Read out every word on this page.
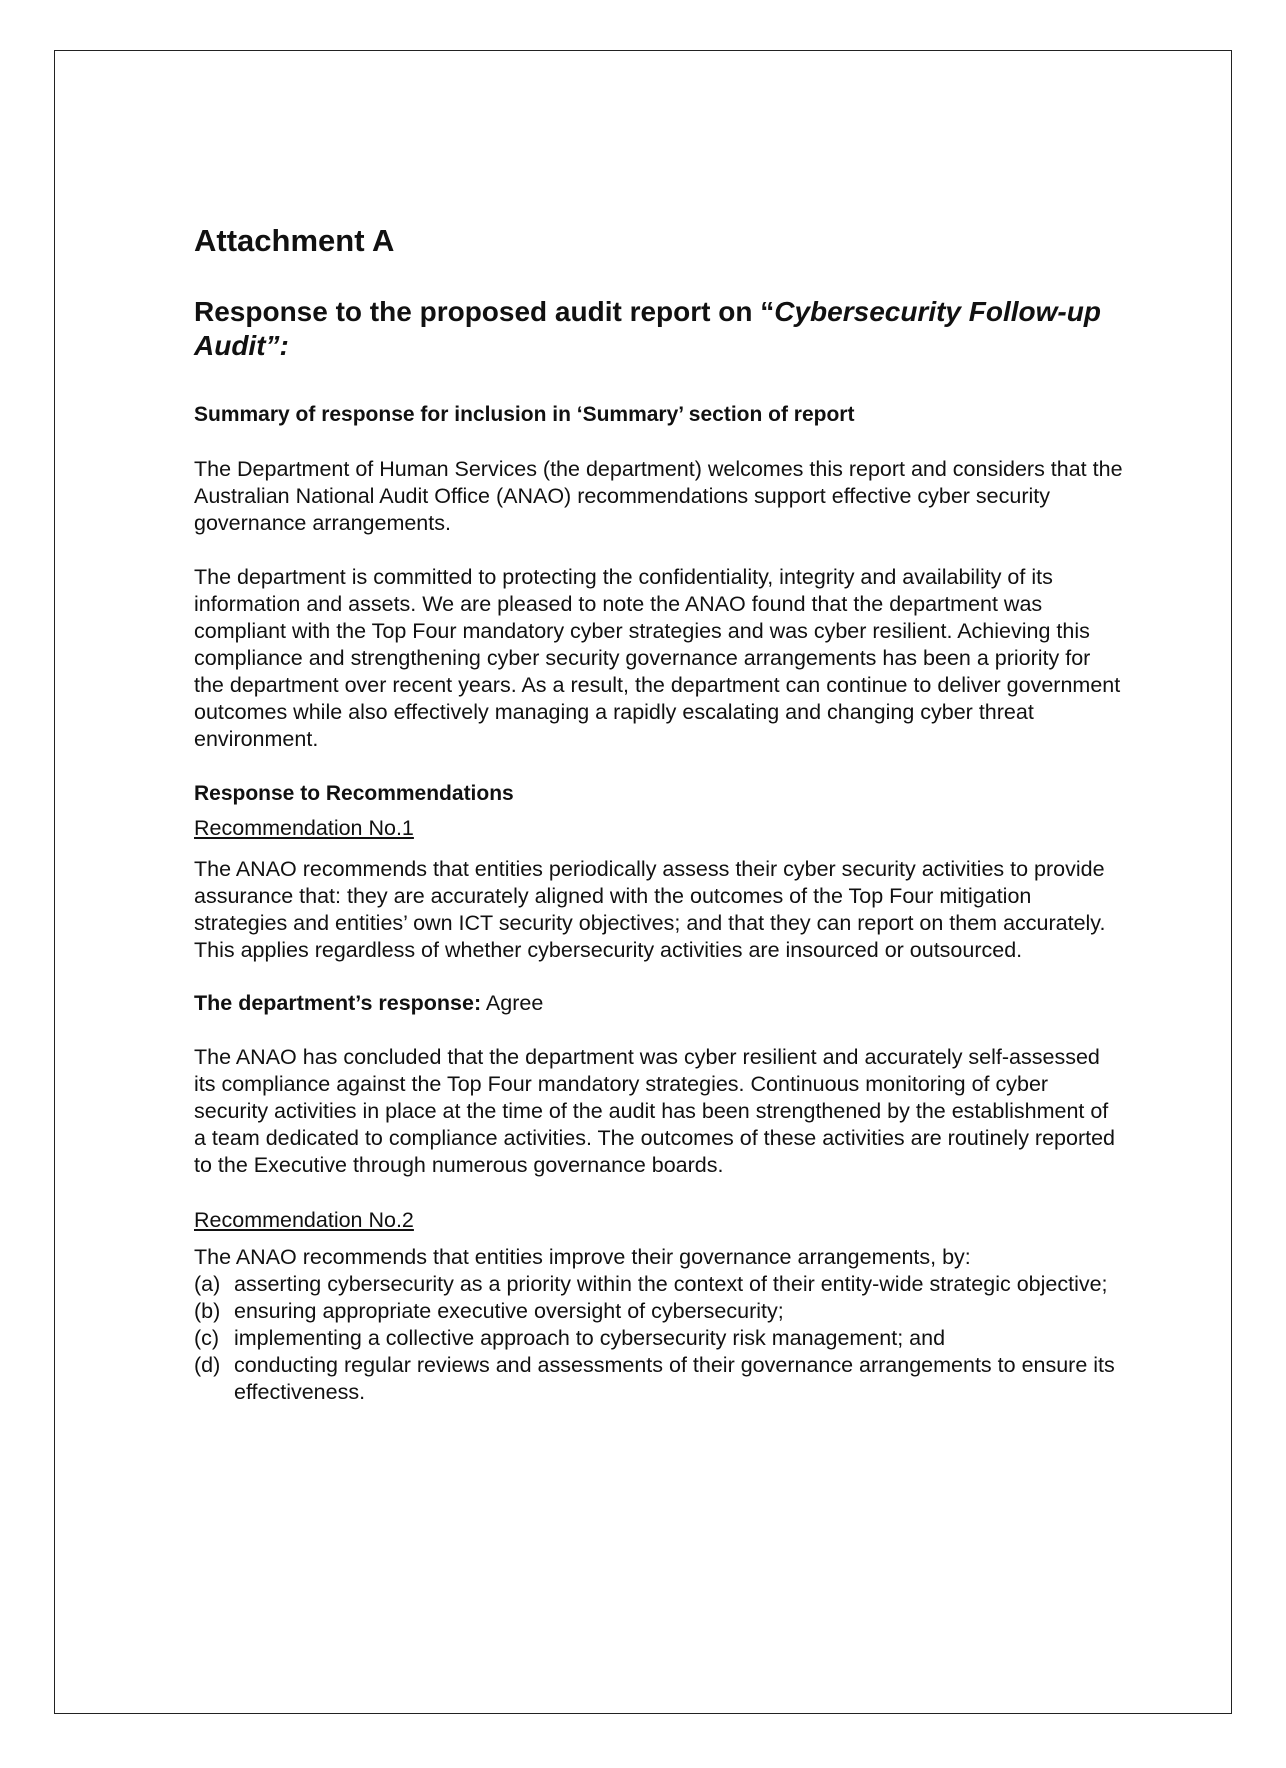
Attachment A
Response to the proposed audit report on “Cybersecurity Follow-up Audit”:
Summary of response for inclusion in ‘Summary’ section of report

The Department of Human Services (the department) welcomes this report and considers that the Australian National Audit Office (ANAO) recommendations support effective cyber security governance arrangements.

The department is committed to protecting the confidentiality, integrity and availability of its information and assets. We are pleased to note the ANAO found that the department was compliant with the Top Four mandatory cyber strategies and was cyber resilient. Achieving this compliance and strengthening cyber security governance arrangements has been a priority for the department over recent years. As a result, the department can continue to deliver government outcomes while also effectively managing a rapidly escalating and changing cyber threat environment.

Response to Recommendations
Recommendation No.1

The ANAO recommends that entities periodically assess their cyber security activities to provide assurance that: they are accurately aligned with the outcomes of the Top Four mitigation strategies and entities’ own ICT security objectives; and that they can report on them accurately. This applies regardless of whether cybersecurity activities are insourced or outsourced.

The department’s response: Agree

The ANAO has concluded that the department was cyber resilient and accurately self-assessed its compliance against the Top Four mandatory strategies. Continuous monitoring of cyber security activities in place at the time of the audit has been strengthened by the establishment of a team dedicated to compliance activities. The outcomes of these activities are routinely reported to the Executive through numerous governance boards.

Recommendation No.2

The ANAO recommends that entities improve their governance arrangements, by:

(a) asserting cybersecurity as a priority within the context of their entity-wide strategic objective;
(b) ensuring appropriate executive oversight of cybersecurity;
(c) implementing a collective approach to cybersecurity risk management; and
(d) conducting regular reviews and assessments of their governance arrangements to ensure its effectiveness.
